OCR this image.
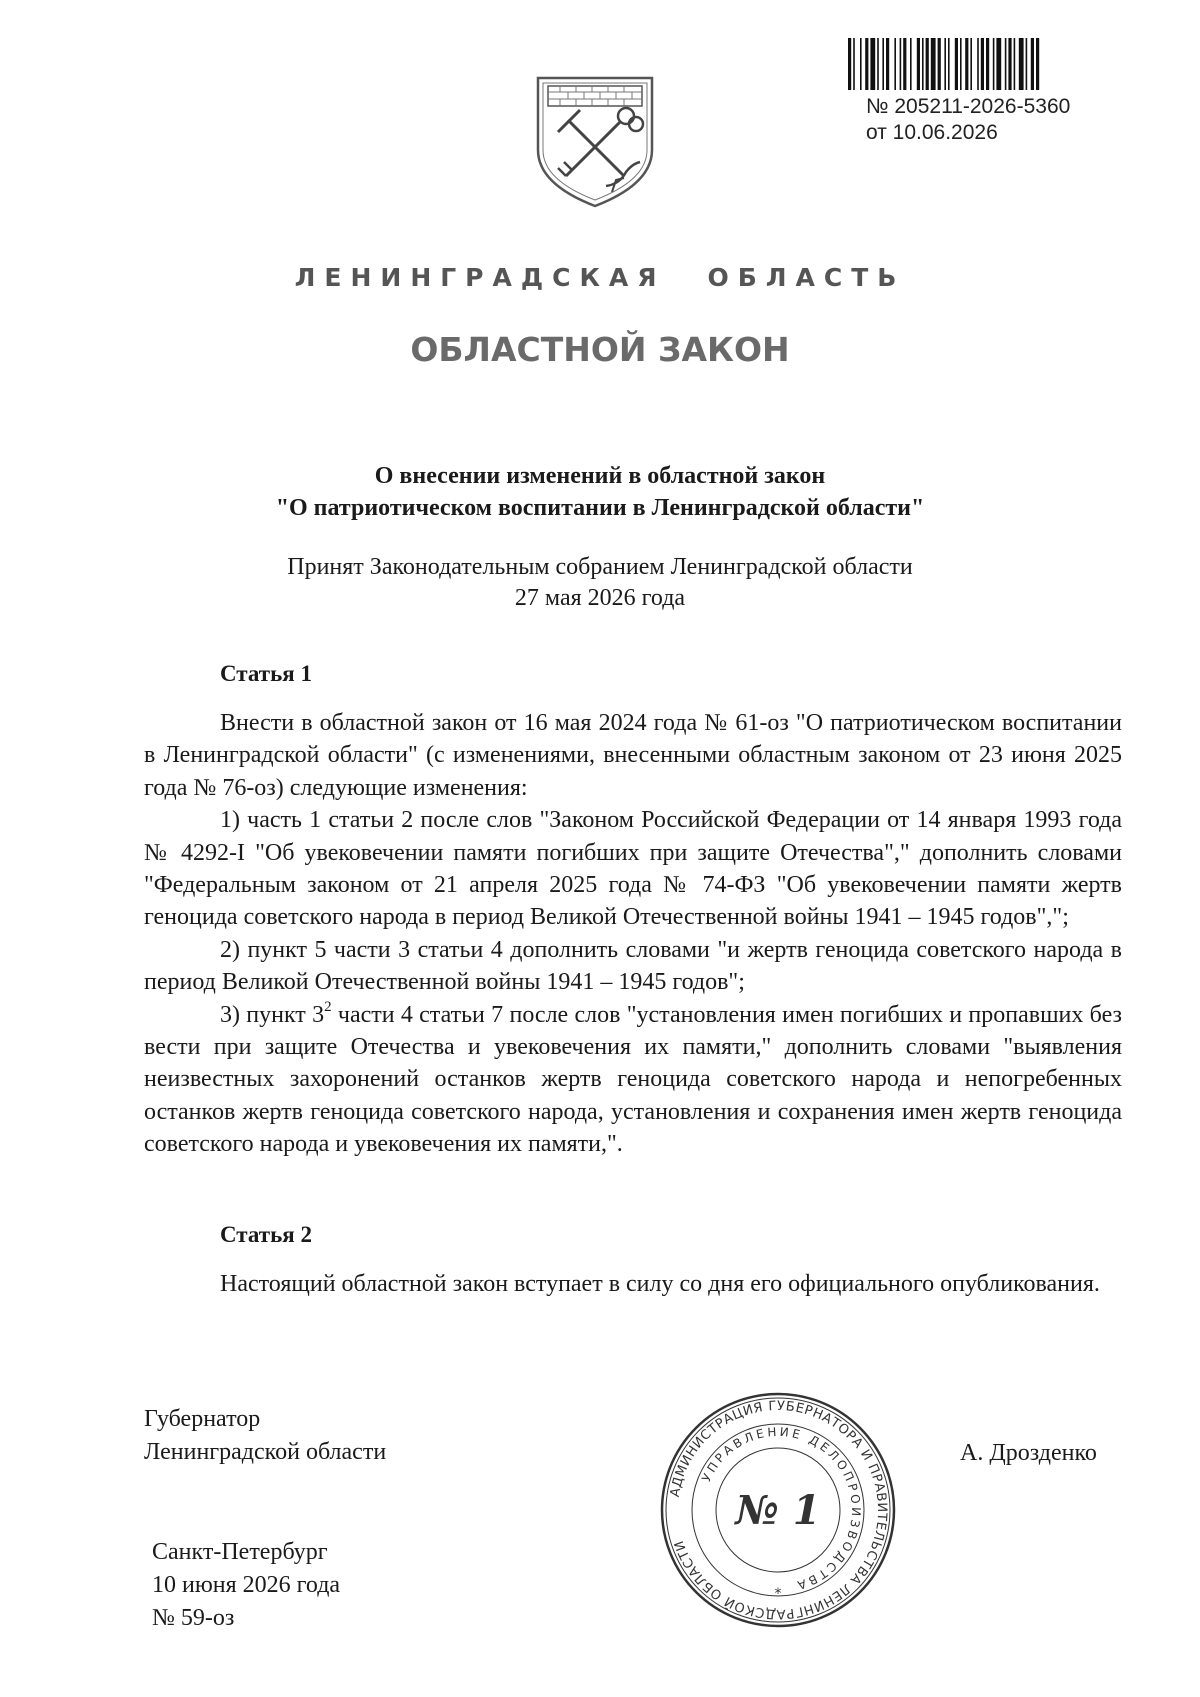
№ 205211-2026-5360
от 10.06.2026
ЛЕНИНГРАДСКАЯ ОБЛАСТЬ
ОБЛАСТНОЙ ЗАКОН
О внесении изменений в областной закон
"О патриотическом воспитании в Ленинградской области"
Принят Законодательным собранием Ленинградской области
27 мая 2026 года
Статья 1

Внести в областной закон от 16 мая 2024 года № 61-оз "О патриотическом воспитании в Ленинградской области" (с изменениями, внесенными областным законом от 23 июня 2025 года № 76-оз) следующие изменения:

1) часть 1 статьи 2 после слов "Законом Российской Федерации от 14 января 1993 года № 4292-I "Об увековечении памяти погибших при защите Отечества"," дополнить словами "Федеральным законом от 21 апреля 2025 года № 74-ФЗ "Об увековечении памяти жертв геноцида советского народа в период Великой Отечественной войны 1941 – 1945 годов",";

2) пункт 5 части 3 статьи 4 дополнить словами "и жертв геноцида советского народа в период Великой Отечественной войны 1941 – 1945 годов";

3) пункт $3^2$ части 4 статьи 7 после слов "установления имен погибших и пропавших без вести при защите Отечества и увековечения их памяти," дополнить словами "выявления неизвестных захоронений останков жертв геноцида советского народа и непогребенных останков жертв геноцида советского народа, установления и сохранения имен жертв геноцида советского народа и увековечения их памяти,".

Статья 2

Настоящий областной закон вступает в силу со дня его официального опубликования.

Губернатор
Ленинградской области	А. Дрозденко
Санкт-Петербург
10 июня 2026 года
№ 59-оз
АДМИНИСТРАЦИЯ ГУБЕРНАТОРА И ПРАВИТЕЛЬСТВА ЛЕНИНГРАДСКОЙ ОБЛАСТИ
УПРАВЛЕНИЕ ДЕЛОПРОИЗВОДСТВА
№ 1
*
